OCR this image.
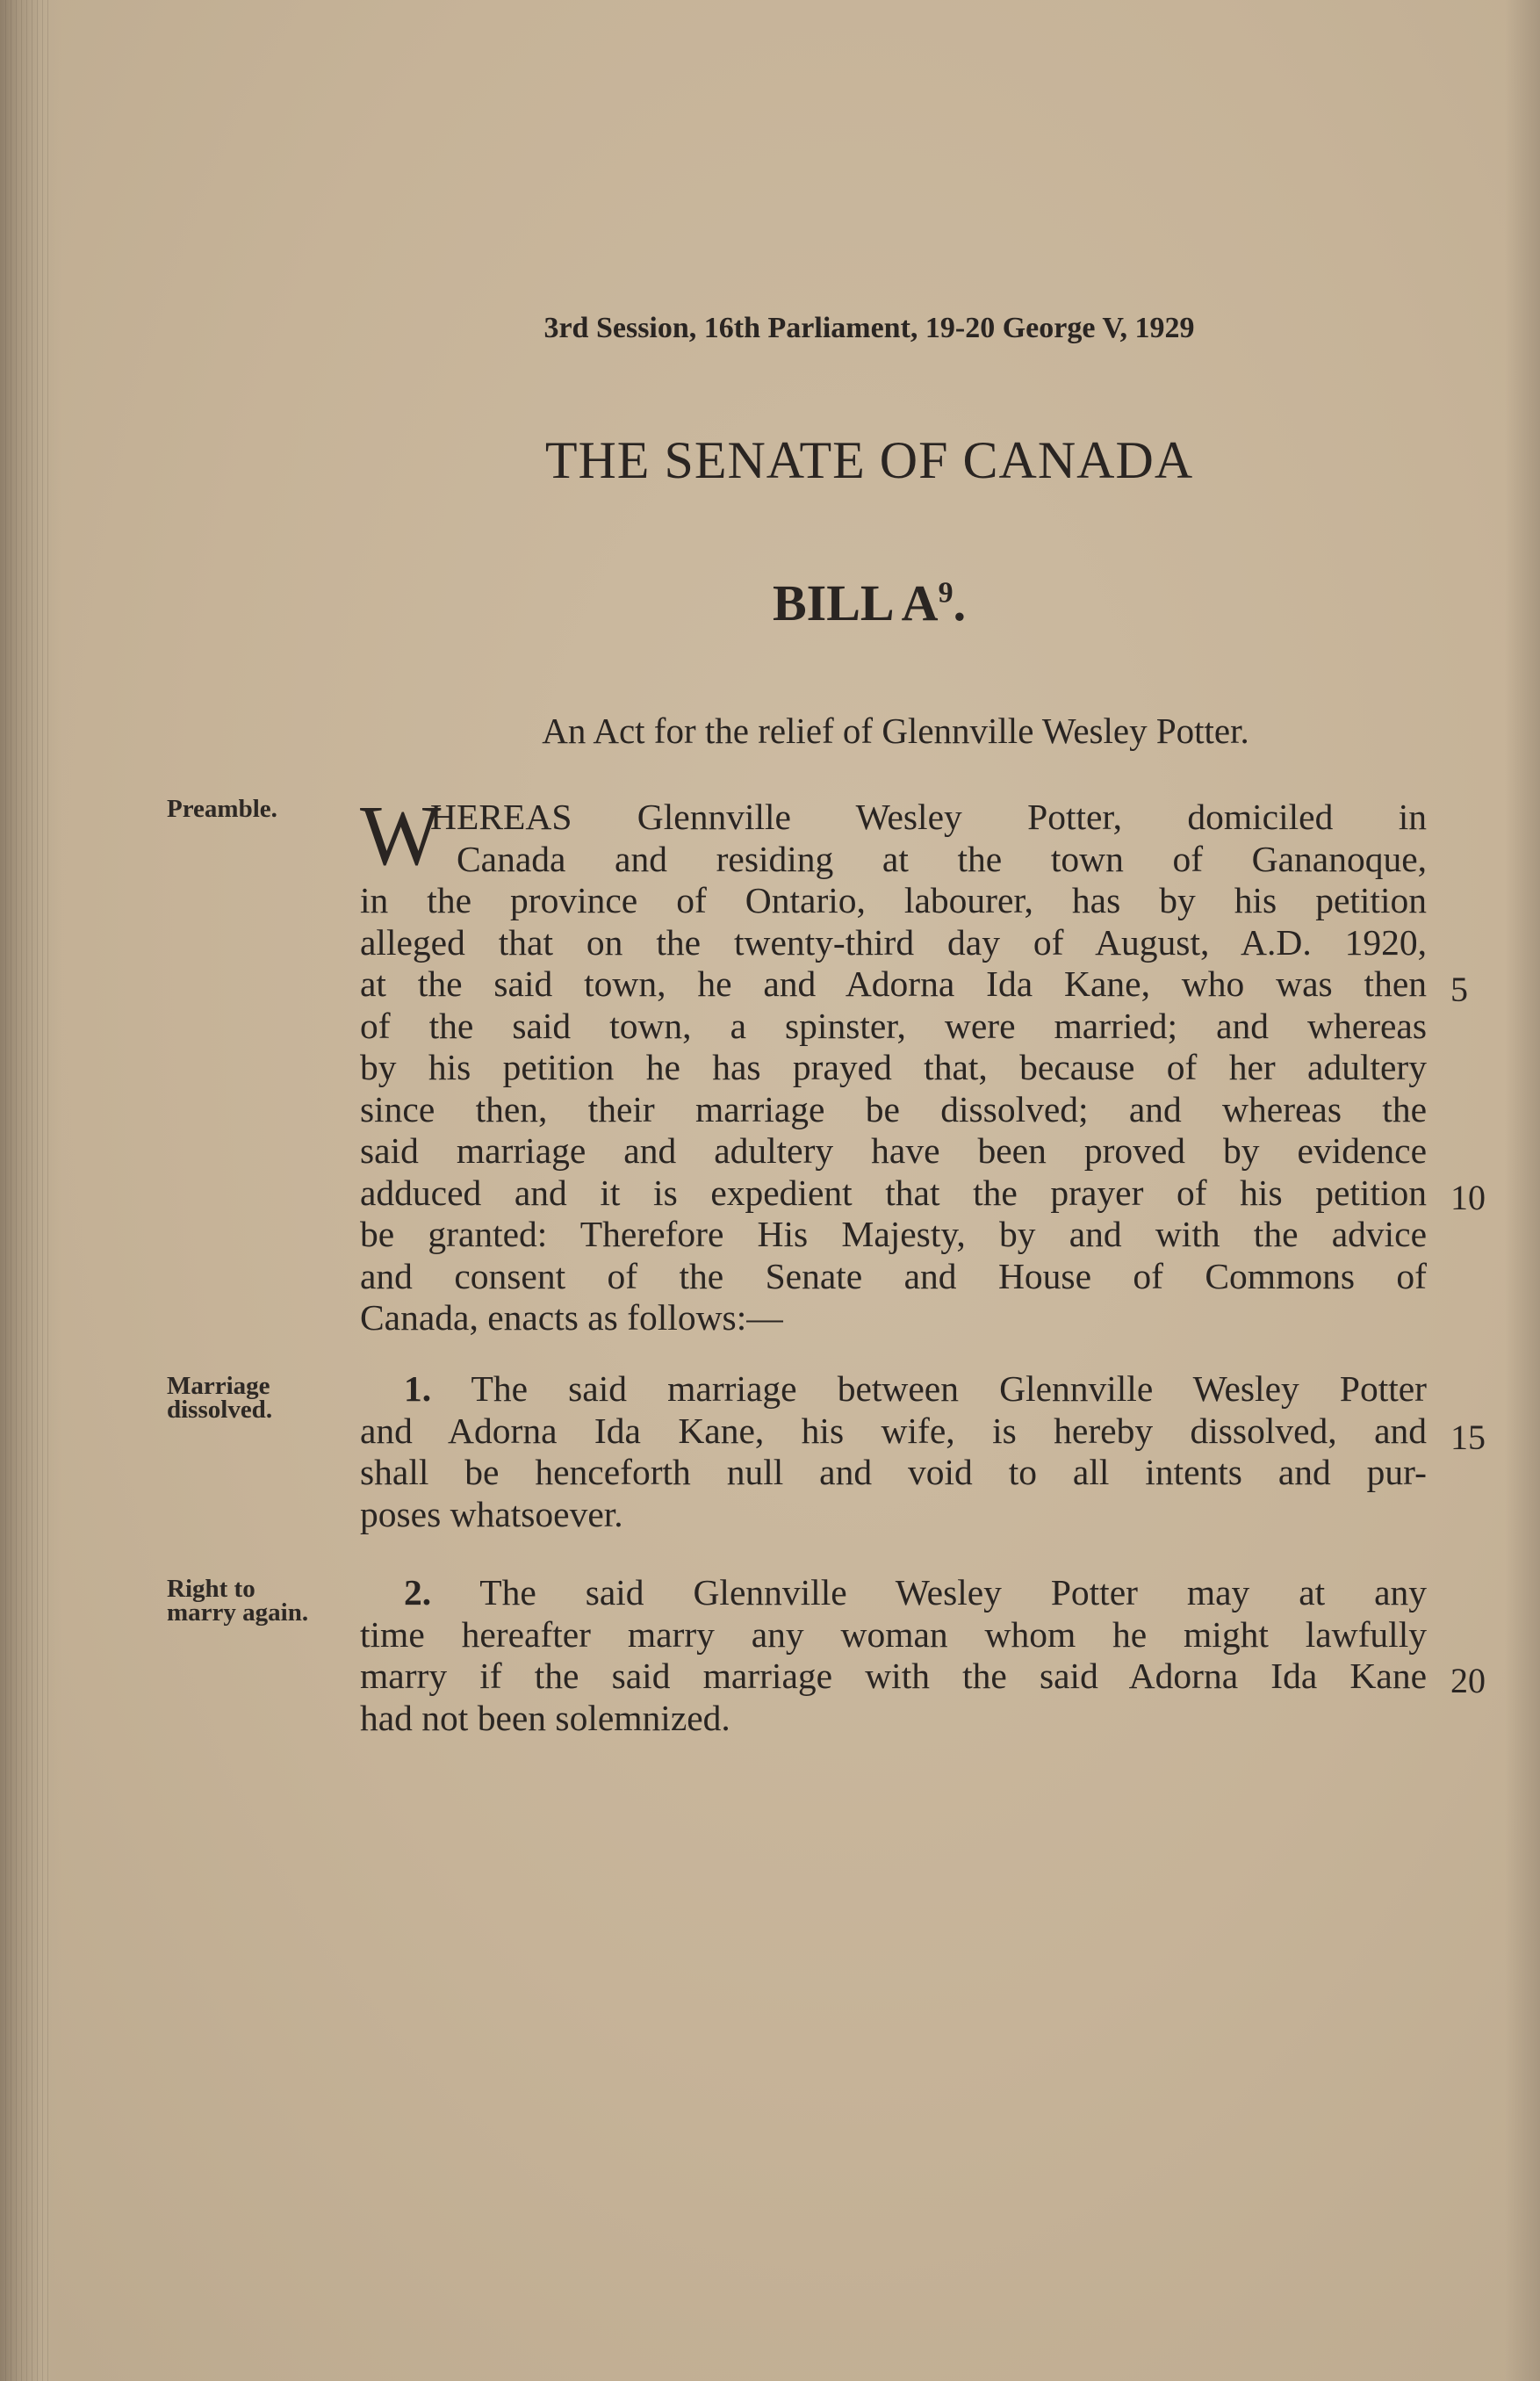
3rd Session, 16th Parliament, 19-20 George V, 1929
THE SENATE OF CANADA
BILL $A^9$.
An Act for the relief of Glennville Wesley Potter.
Preamble.
Marriage
dissolved.
Right to
marry again.
W
HEREAS Glennville Wesley Potter, domiciled in
Canada and residing at the town of Gananoque,
in the province of Ontario, labourer, has by his petition
alleged that on the twenty-third day of August, A.D. 1920,
at the said town, he and Adorna Ida Kane, who was then
of the said town, a spinster, were married; and whereas
by his petition he has prayed that, because of her adultery
since then, their marriage be dissolved; and whereas the
said marriage and adultery have been proved by evidence
adduced and it is expedient that the prayer of his petition
be granted: Therefore His Majesty, by and with the advice
and consent of the Senate and House of Commons of
Canada, enacts as follows:—
1. The said marriage between Glennville Wesley Potter
and Adorna Ida Kane, his wife, is hereby dissolved, and
shall be henceforth null and void to all intents and pur-
poses whatsoever.
2. The said Glennville Wesley Potter may at any
time hereafter marry any woman whom he might lawfully
marry if the said marriage with the said Adorna Ida Kane
had not been solemnized.
5
10
15
20
